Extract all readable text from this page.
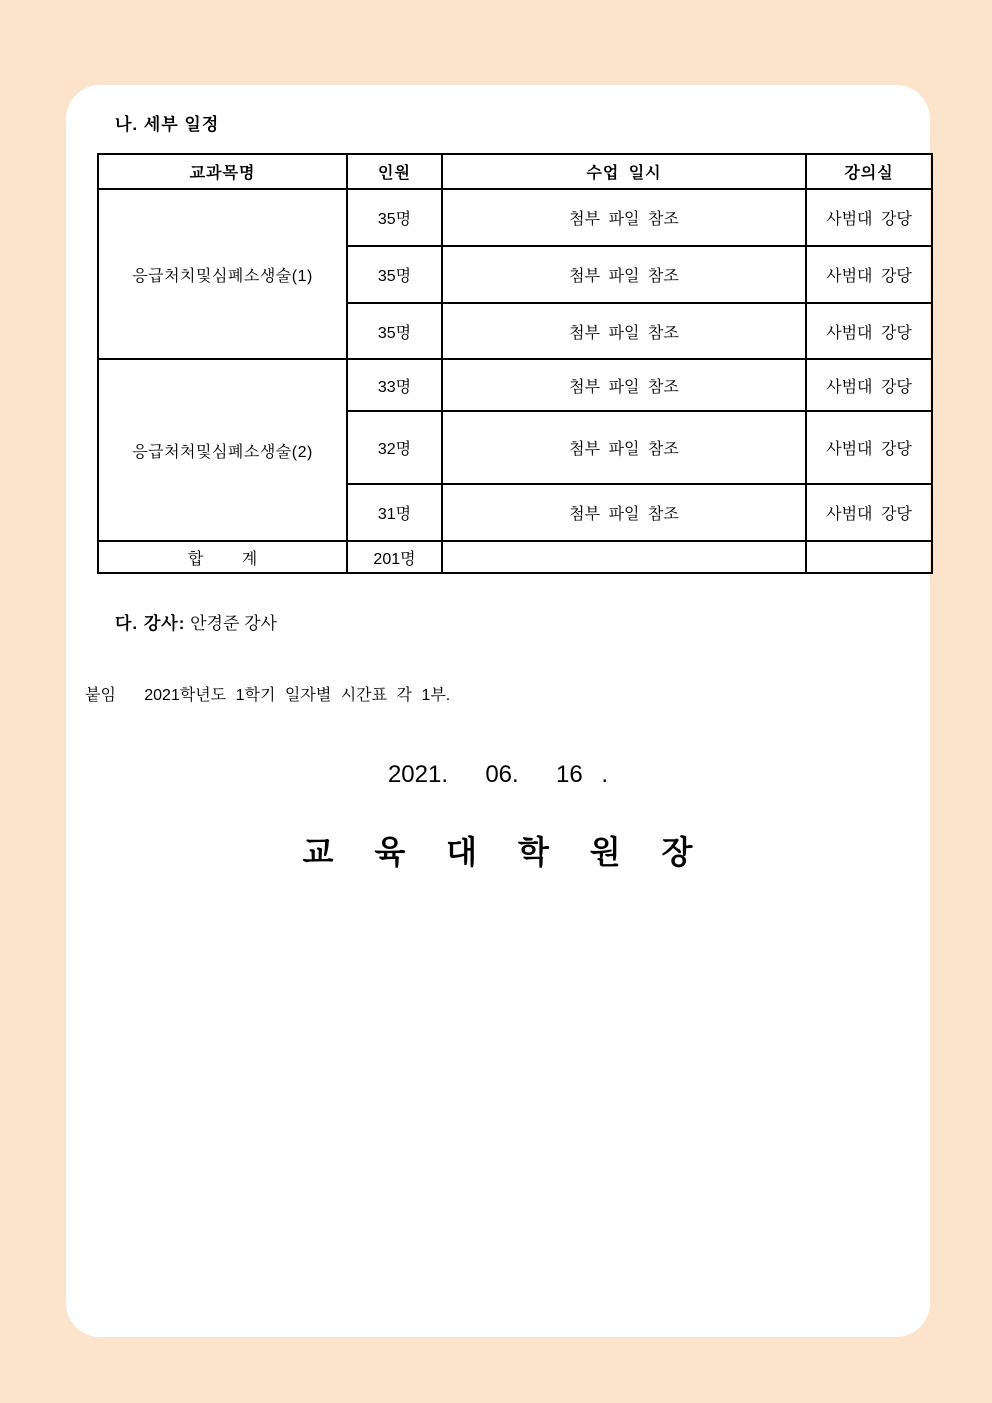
나. 세부 일정
교과목명	인원	수업 일시	강의실
응급처치및심폐소생술(1)	35명	첨부 파일 참조	사범대 강당
	35명	첨부 파일 참조	사범대 강당
	35명	첨부 파일 참조	사범대 강당
응급처처및심폐소생술(2)	33명	첨부 파일 참조	사범대 강당
	32명	첨부 파일 참조	사범대 강당
	31명	첨부 파일 참조	사범대 강당
합 계	201명		
다. 강사: 안경준 강사
붙임   2021학년도 1학기 일자별 시간표 각 1부.
2021.  06.  16 .
교 육 대 학 원 장
